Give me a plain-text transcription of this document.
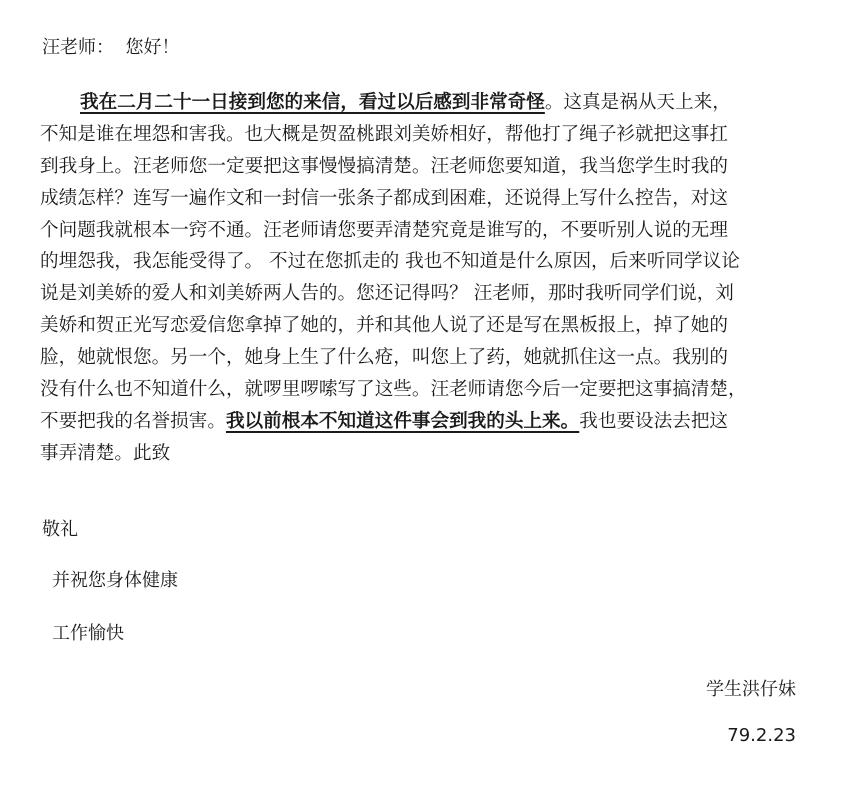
汪老师：  您好！
我在二月二十一日接到您的来信，看过以后感到非常奇怪。这真是祸从天上来，
不知是谁在埋怨和害我。也大概是贺盈桃跟刘美娇相好，帮他打了绳子衫就把这事扛
到我身上。汪老师您一定要把这事慢慢搞清楚。汪老师您要知道，我当您学生时我的
成绩怎样？连写一遍作文和一封信一张条子都成到困难，还说得上写什么控告，对这
个问题我就根本一窍不通。汪老师请您要弄清楚究竟是谁写的，不要听别人说的无理
的埋怨我，我怎能受得了。 不过在您抓走的 我也不知道是什么原因，后来听同学议论
说是刘美娇的爱人和刘美娇两人告的。您还记得吗？ 汪老师，那时我听同学们说，刘
美娇和贺正光写恋爱信您拿掉了她的，并和其他人说了还是写在黑板报上，掉了她的
脸，她就恨您。另一个，她身上生了什么疮，叫您上了药，她就抓住这一点。我别的
没有什么也不知道什么，就啰里啰嗦写了这些。汪老师请您今后一定要把这事搞清楚，
不要把我的名誉损害。我以前根本不知道这件事会到我的头上来。我也要设法去把这
事弄清楚。此致
敬礼
并祝您身体健康
工作愉快
学生洪仔妹
79.2.23
